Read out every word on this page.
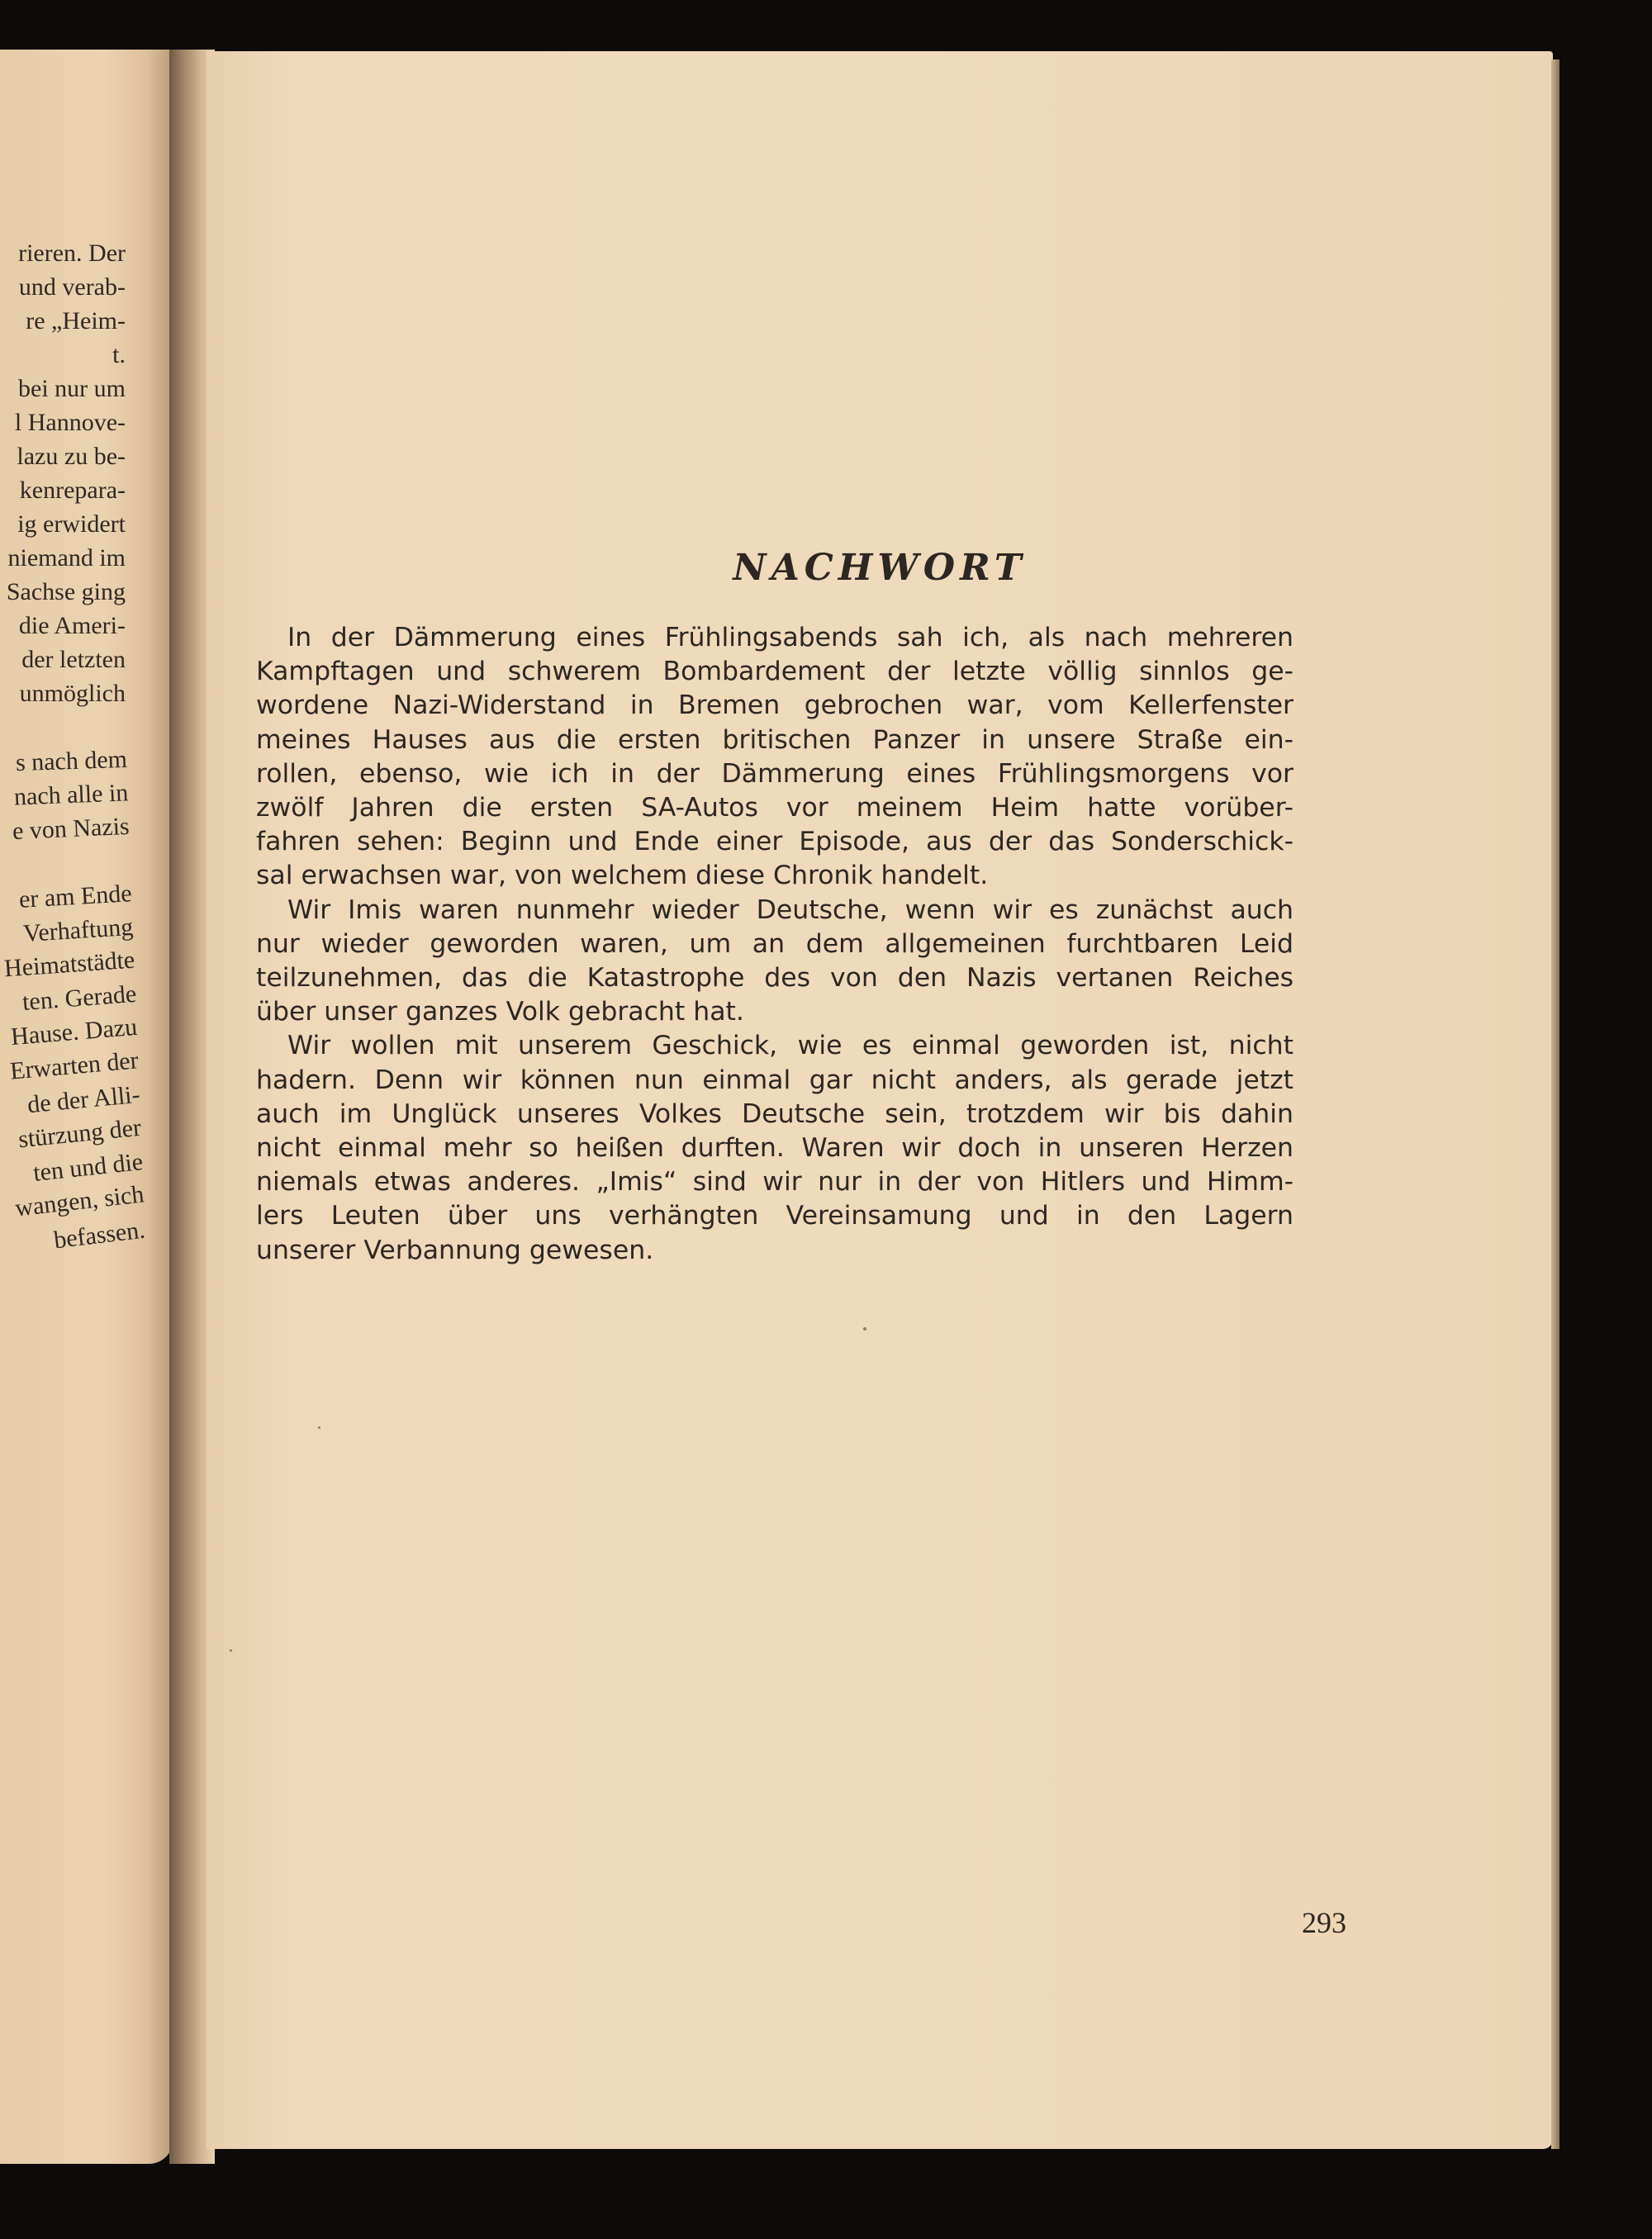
rieren. Der
und verab-
re „Heim-
t.
bei nur um
l Hannove-
lazu zu be-
kenrepara-
ig erwidert
niemand im
Sachse ging
die Ameri-
der letzten
unmöglich
s nach dem
nach alle in
e von Nazis
er am Ende
Verhaftung
Heimatstädte
ten. Gerade
Hause. Dazu
Erwarten der
de der Alli-
stürzung der
ten und die
wangen, sich
befassen.
NACHWORT
In der Dämmerung eines Frühlingsabends sah ich, als nach mehreren
Kampftagen und schwerem Bombardement der letzte völlig sinnlos ge-
wordene Nazi-Widerstand in Bremen gebrochen war, vom Kellerfenster
meines Hauses aus die ersten britischen Panzer in unsere Straße ein-
rollen, ebenso, wie ich in der Dämmerung eines Frühlingsmorgens vor
zwölf Jahren die ersten SA-Autos vor meinem Heim hatte vorüber-
fahren sehen: Beginn und Ende einer Episode, aus der das Sonderschick-
sal erwachsen war, von welchem diese Chronik handelt.
Wir Imis waren nunmehr wieder Deutsche, wenn wir es zunächst auch
nur wieder geworden waren, um an dem allgemeinen furchtbaren Leid
teilzunehmen, das die Katastrophe des von den Nazis vertanen Reiches
über unser ganzes Volk gebracht hat.
Wir wollen mit unserem Geschick, wie es einmal geworden ist, nicht
hadern. Denn wir können nun einmal gar nicht anders, als gerade jetzt
auch im Unglück unseres Volkes Deutsche sein, trotzdem wir bis dahin
nicht einmal mehr so heißen durften. Waren wir doch in unseren Herzen
niemals etwas anderes. „Imis“ sind wir nur in der von Hitlers und Himm-
lers Leuten über uns verhängten Vereinsamung und in den Lagern
unserer Verbannung gewesen.
293
